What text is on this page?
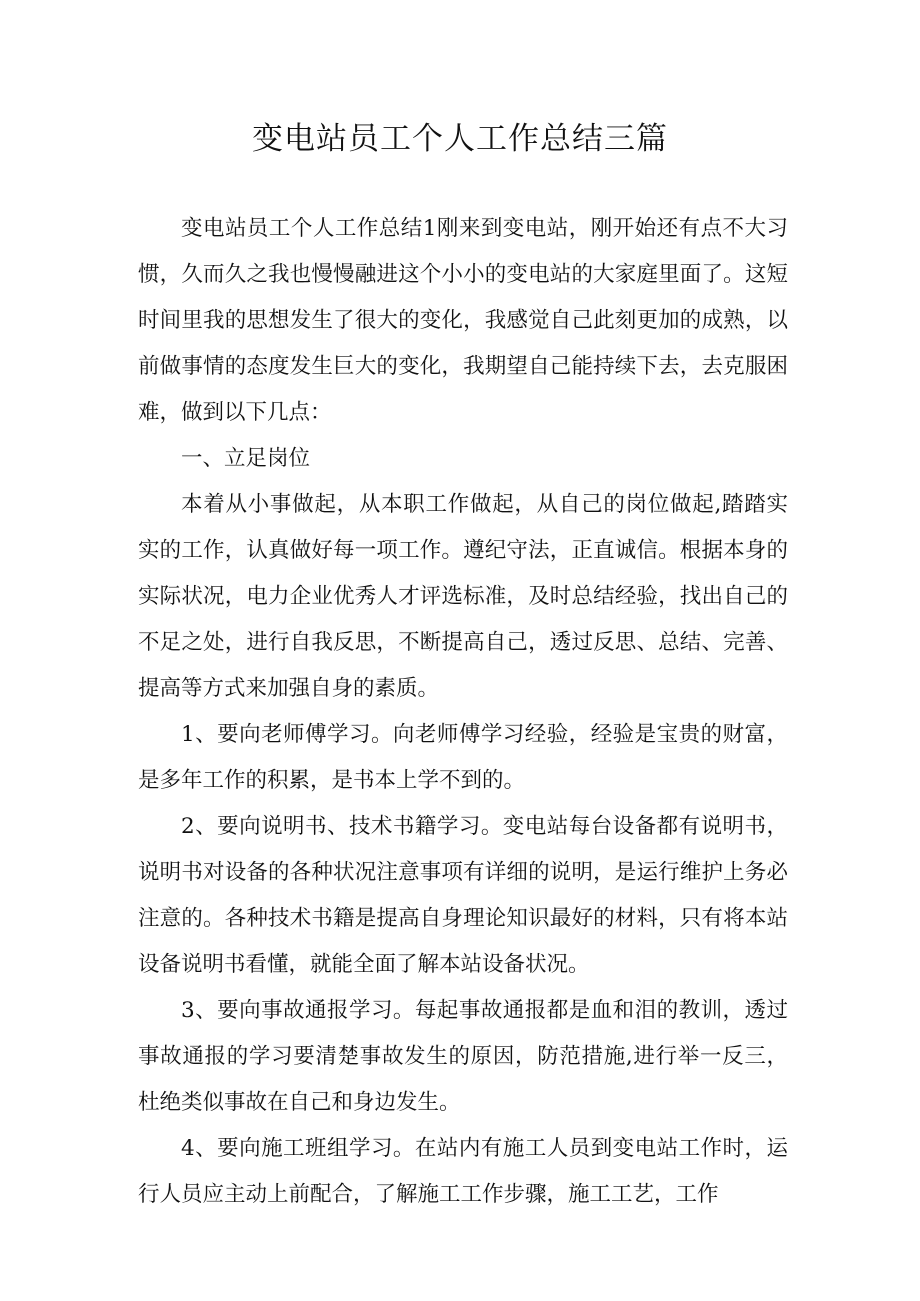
变电站员工个人工作总结三篇

变电站员工个人工作总结1刚来到变电站，刚开始还有点不大习惯，久而久之我也慢慢融进这个小小的变电站的大家庭里面了。这短时间里我的思想发生了很大的变化，我感觉自己此刻更加的成熟，以前做事情的态度发生巨大的变化，我期望自己能持续下去，去克服困难，做到以下几点：

一、立足岗位

本着从小事做起，从本职工作做起，从自己的岗位做起,踏踏实实的工作，认真做好每一项工作。遵纪守法，正直诚信。根据本身的实际状况，电力企业优秀人才评选标准，及时总结经验，找出自己的不足之处，进行自我反思，不断提高自己，透过反思、总结、完善、提高等方式来加强自身的素质。

1、要向老师傅学习。向老师傅学习经验，经验是宝贵的财富，是多年工作的积累，是书本上学不到的。

2、要向说明书、技术书籍学习。变电站每台设备都有说明书，说明书对设备的各种状况注意事项有详细的说明，是运行维护上务必注意的。各种技术书籍是提高自身理论知识最好的材料，只有将本站设备说明书看懂，就能全面了解本站设备状况。

3、要向事故通报学习。每起事故通报都是血和泪的教训，透过事故通报的学习要清楚事故发生的原因，防范措施,进行举一反三，杜绝类似事故在自己和身边发生。

4、要向施工班组学习。在站内有施工人员到变电站工作时，运行人员应主动上前配合，了解施工工作步骤，施工工艺，工作
